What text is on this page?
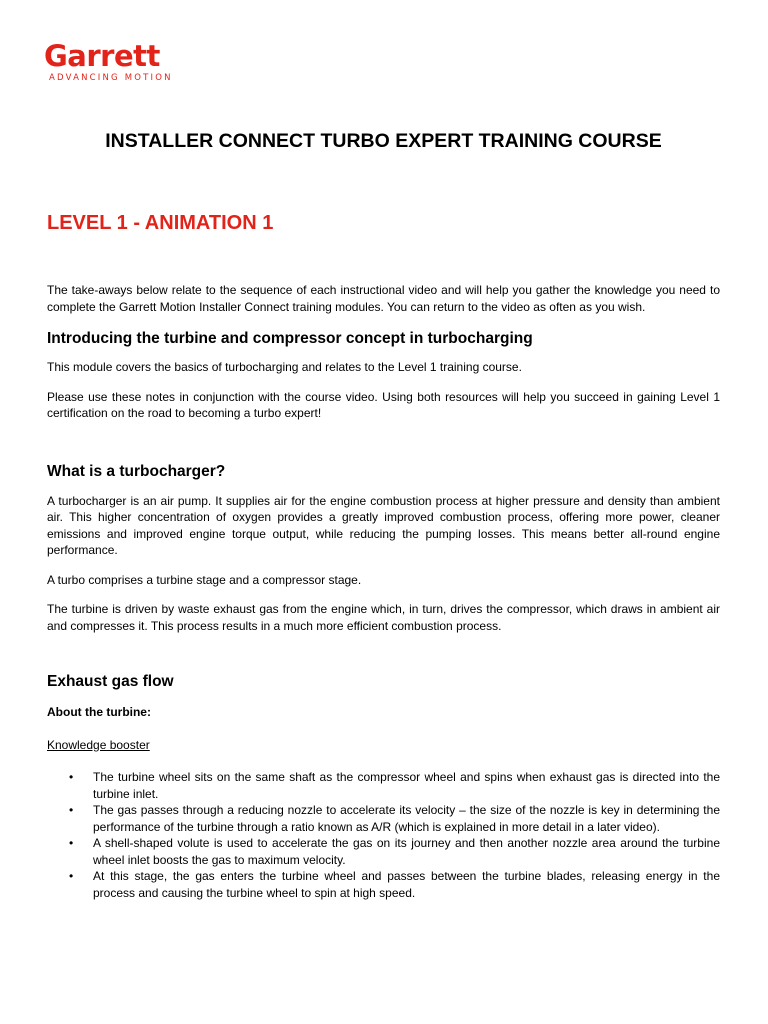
Garrett
ADVANCING MOTION
INSTALLER CONNECT TURBO EXPERT TRAINING COURSE
LEVEL 1 - ANIMATION 1

The take-aways below relate to the sequence of each instructional video and will help you gather the knowledge you need to complete the Garrett Motion Installer Connect training modules. You can return to the video as often as you wish.

Introducing the turbine and compressor concept in turbocharging

This module covers the basics of turbocharging and relates to the Level 1 training course.

Please use these notes in conjunction with the course video. Using both resources will help you succeed in gaining Level 1 certification on the road to becoming a turbo expert!

What is a turbocharger?

A turbocharger is an air pump. It supplies air for the engine combustion process at higher pressure and density than ambient air. This higher concentration of oxygen provides a greatly improved combustion process, offering more power, cleaner emissions and improved engine torque output, while reducing the pumping losses. This means better all-round engine performance.

A turbo comprises a turbine stage and a compressor stage.

The turbine is driven by waste exhaust gas from the engine which, in turn, drives the compressor, which draws in ambient air and compresses it. This process results in a much more efficient combustion process.

Exhaust gas flow

About the turbine:

Knowledge booster

• The turbine wheel sits on the same shaft as the compressor wheel and spins when exhaust gas is directed into the turbine inlet.
• The gas passes through a reducing nozzle to accelerate its velocity – the size of the nozzle is key in determining the performance of the turbine through a ratio known as A/R (which is explained in more detail in a later video).
• A shell-shaped volute is used to accelerate the gas on its journey and then another nozzle area around the turbine wheel inlet boosts the gas to maximum velocity.
• At this stage, the gas enters the turbine wheel and passes between the turbine blades, releasing energy in the process and causing the turbine wheel to spin at high speed.
